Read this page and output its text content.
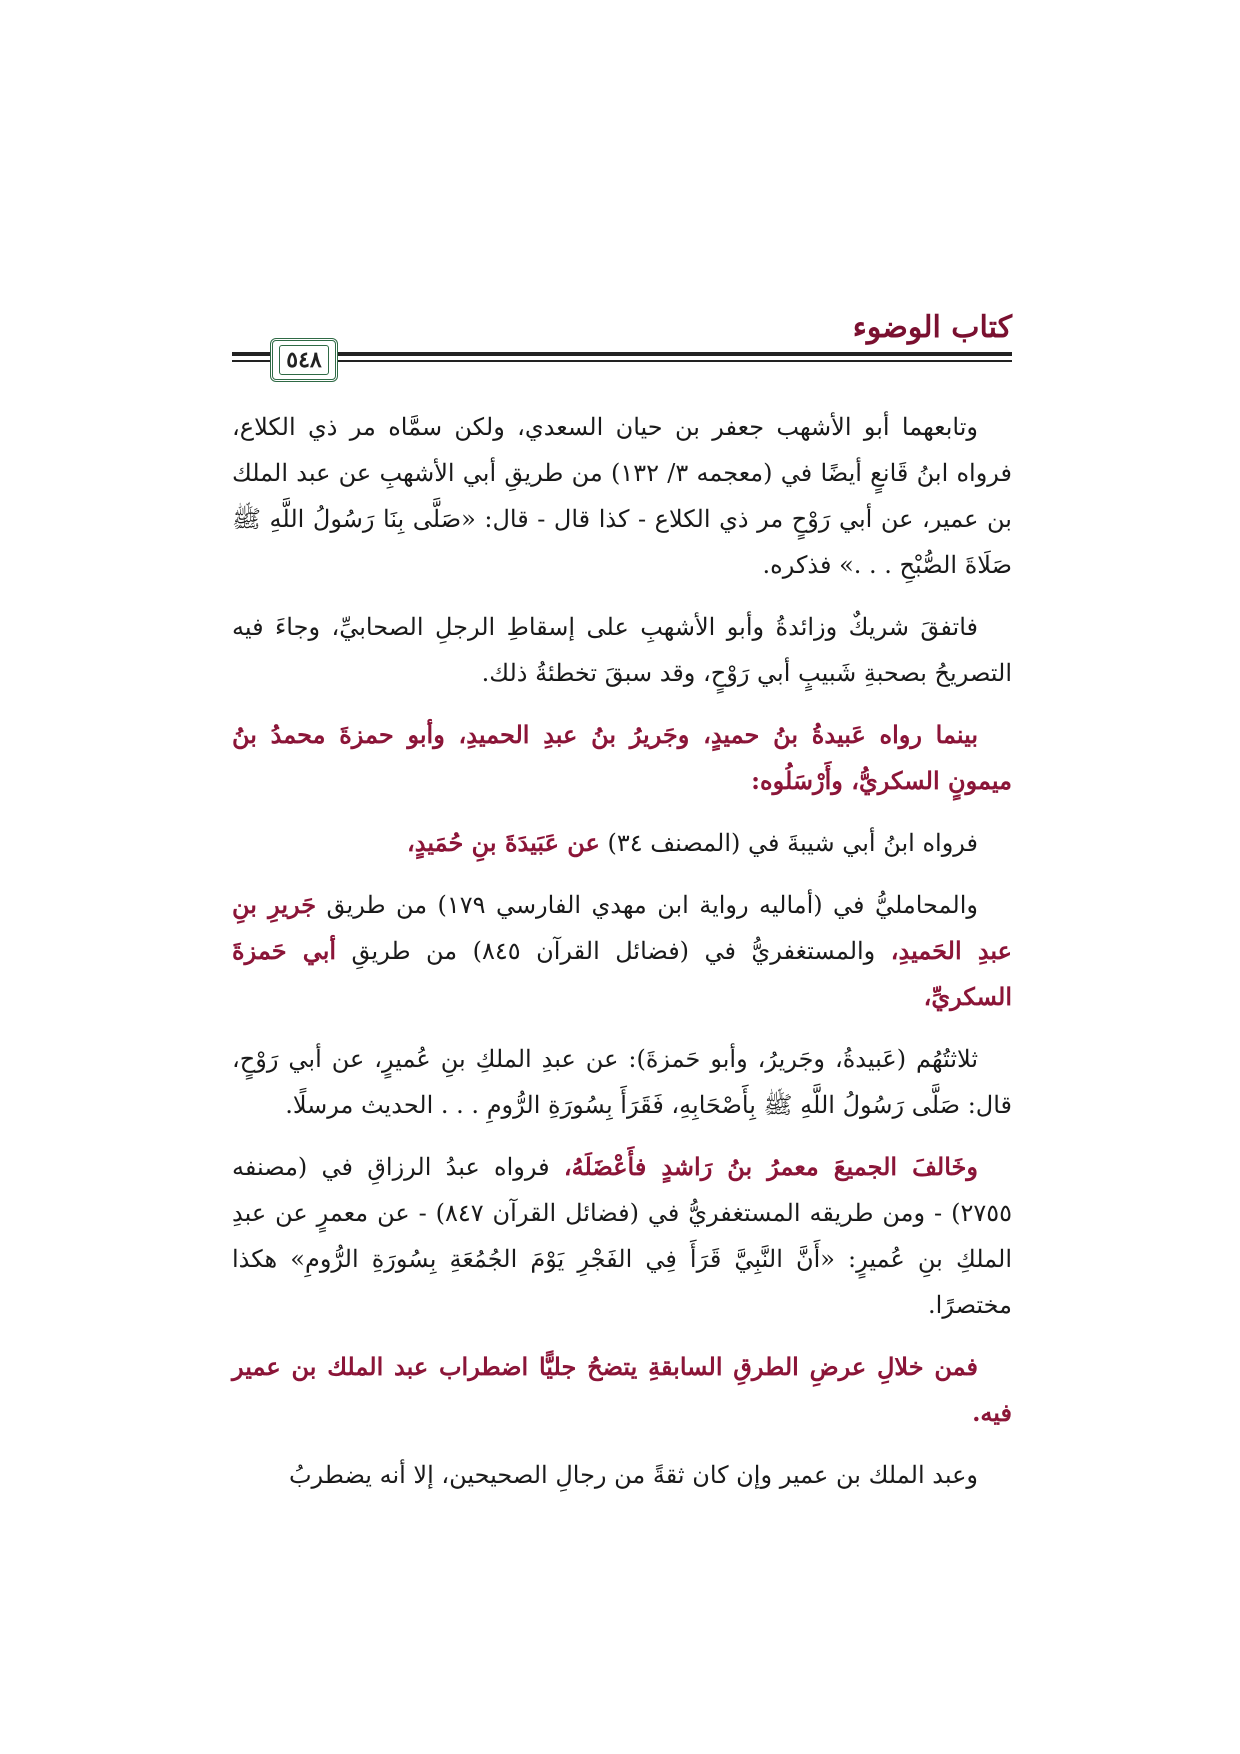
كتاب الوضوء
٥٤٨

وتابعهما أبو الأشهب جعفر بن حيان السعدي، ولكن سمَّاه مر ذي الكلاع، فرواه ابنُ قَانعٍ أيضًا في (معجمه ٣/ ١٣٢) من طريقِ أبي الأشهبِ عن عبد الملك بن عمير، عن أبي رَوْحٍ مر ذي الكلاع - كذا قال - قال: «صَلَّى بِنَا رَسُولُ اللَّهِ ﷺ صَلَاةَ الصُّبْحِ . . .» فذكره.

فاتفقَ شريكٌ وزائدةُ وأبو الأشهبِ على إسقاطِ الرجلِ الصحابيِّ، وجاءَ فيه التصريحُ بصحبةِ شَبيبٍ أبي رَوْحٍ، وقد سبقَ تخطئةُ ذلك.

بينما رواه عَبيدةُ بنُ حميدٍ، وجَريرُ بنُ عبدِ الحميدِ، وأبو حمزةَ محمدُ بنُ ميمونٍ السكريُّ، وأَرْسَلُوه:

فرواه ابنُ أبي شيبةَ في (المصنف ٣٤) عن عَبَيدَةَ بنِ حُمَيدٍ،

والمحامليُّ في (أماليه رواية ابن مهدي الفارسي ١٧٩) من طريق جَريرِ بنِ عبدِ الحَميدِ، والمستغفريُّ في (فضائل القرآن ٨٤٥) من طريقِ أبي حَمزةَ السكريِّ،

ثلاثتُهُم (عَبيدةُ، وجَريرُ، وأبو حَمزةَ): عن عبدِ الملكِ بنِ عُميرٍ، عن أبي رَوْحٍ، قال: صَلَّى رَسُولُ اللَّهِ ﷺ بِأَصْحَابِهِ، فَقَرَأَ بِسُورَةِ الرُّومِ . . . الحديث مرسلًا.

وخَالفَ الجميعَ معمرُ بنُ رَاشدٍ فأَعْضَلَهُ، فرواه عبدُ الرزاقِ في (مصنفه ٢٧٥٥) - ومن طريقه المستغفريُّ في (فضائل القرآن ٨٤٧) - عن معمرٍ عن عبدِ الملكِ بنِ عُميرٍ: «أَنَّ النَّبِيَّ قَرَأَ فِي الفَجْرِ يَوْمَ الجُمُعَةِ بِسُورَةِ الرُّومِ» هكذا مختصرًا.

فمن خلالِ عرضِ الطرقِ السابقةِ يتضحُ جليًّا اضطراب عبد الملك بن عمير فيه.

وعبد الملك بن عمير وإن كان ثقةً من رجالِ الصحيحين، إلا أنه يضطربُ
